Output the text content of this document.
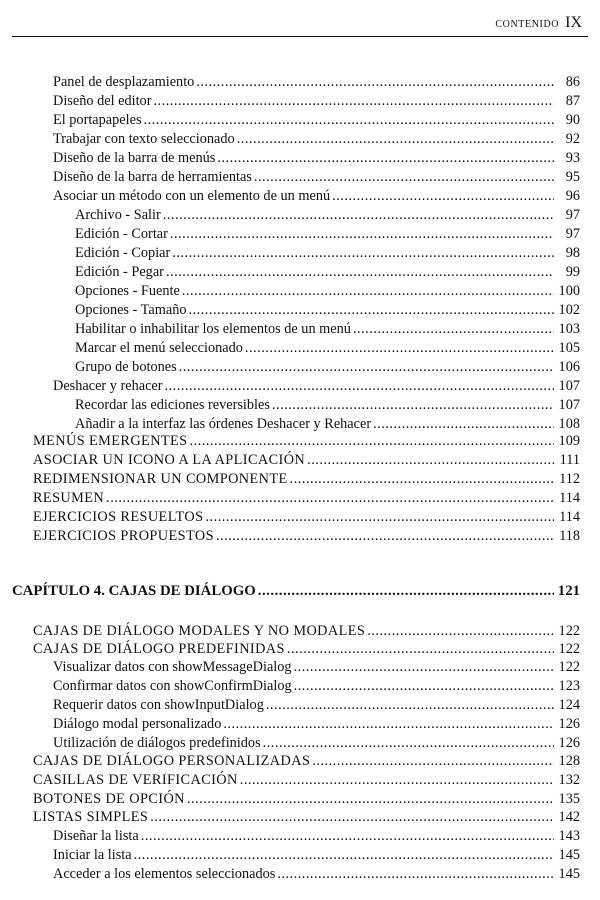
CONTENIDO IX
Panel de desplazamiento .....	86
Diseño del editor .....	87
El portapapeles .....	90
Trabajar con texto seleccionado .....	92
Diseño de la barra de menús .....	93
Diseño de la barra de herramientas .....	95
Asociar un método con un elemento de un menú .....	96
Archivo - Salir .....	97
Edición - Cortar .....	97
Edición - Copiar .....	98
Edición - Pegar .....	99
Opciones - Fuente .....	100
Opciones - Tamaño .....	102
Habilitar o inhabilitar los elementos de un menú .....	103
Marcar el menú seleccionado .....	105
Grupo de botones .....	106
Deshacer y rehacer .....	107
Recordar las ediciones reversibles .....	107
Añadir a la interfaz las órdenes Deshacer y Rehacer .....	108
MENÚS EMERGENTES .....	109
ASOCIAR UN ICONO A LA APLICACIÓN .....	111
REDIMENSIONAR UN COMPONENTE .....	112
RESUMEN .....	114
EJERCICIOS RESUELTOS .....	114
EJERCICIOS PROPUESTOS .....	118
CAPÍTULO 4. CAJAS DE DIÁLOGO .....	121
CAJAS DE DIÁLOGO MODALES Y NO MODALES .....	122
CAJAS DE DIÁLOGO PREDEFINIDAS .....	122
Visualizar datos con showMessageDialog .....	122
Confirmar datos con showConfirmDialog .....	123
Requerir datos con showInputDialog .....	124
Diálogo modal personalizado .....	126
Utilización de diálogos predefinidos .....	126
CAJAS DE DIÁLOGO PERSONALIZADAS .....	128
CASILLAS DE VERIFICACIÓN .....	132
BOTONES DE OPCIÓN .....	135
LISTAS SIMPLES .....	142
Diseñar la lista .....	143
Iniciar la lista .....	145
Acceder a los elementos seleccionados .....	145
